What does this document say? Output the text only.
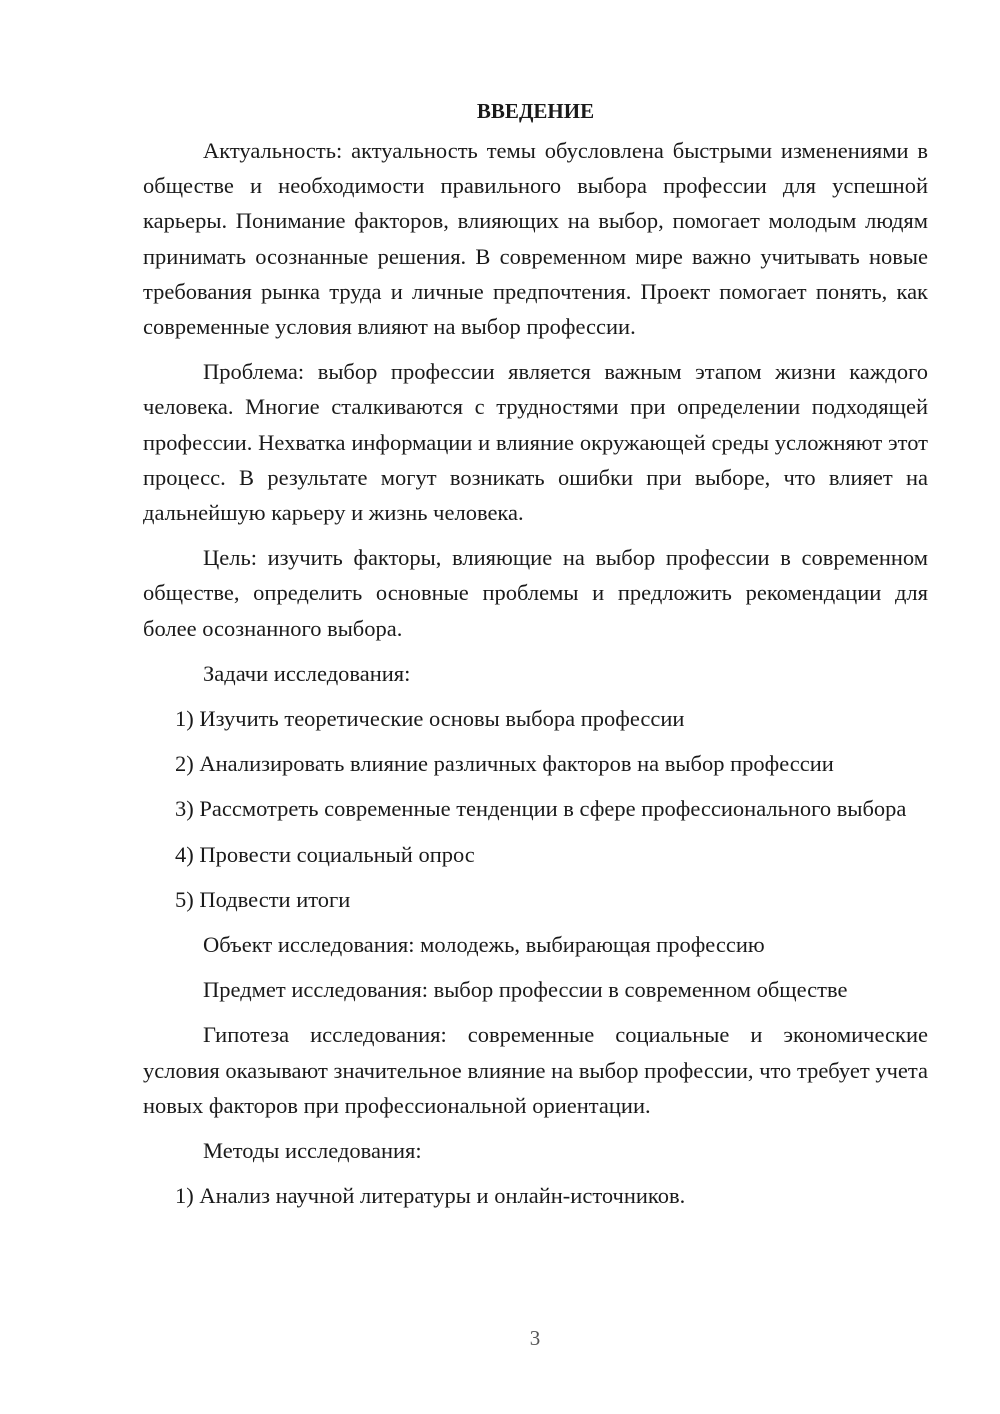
ВВЕДЕНИЕ

Актуальность: актуальность темы обусловлена быстрыми изменениями в обществе и необходимости правильного выбора профессии для успешной карьеры. Понимание факторов, влияющих на выбор, помогает молодым людям принимать осознанные решения. В современном мире важно учитывать новые требования рынка труда и личные предпочтения. Проект помогает понять, как современные условия влияют на выбор профессии.

Проблема: выбор профессии является важным этапом жизни каждого человека. Многие сталкиваются с трудностями при определении подходящей профессии. Нехватка информации и влияние окружающей среды усложняют этот процесс. В результате могут возникать ошибки при выборе, что влияет на дальнейшую карьеру и жизнь человека.

Цель: изучить факторы, влияющие на выбор профессии в современном обществе, определить основные проблемы и предложить рекомендации для более осознанного выбора.

Задачи исследования:

1) Изучить теоретические основы выбора профессии

2) Анализировать влияние различных факторов на выбор профессии

3) Рассмотреть современные тенденции в сфере профессионального выбора

4) Провести социальный опрос

5) Подвести итоги

Объект исследования: молодежь, выбирающая профессию

Предмет исследования: выбор профессии в современном обществе

Гипотеза исследования: современные социальные и экономические условия оказывают значительное влияние на выбор профессии, что требует учета новых факторов при профессиональной ориентации.

Методы исследования:

1) Анализ научной литературы и онлайн-источников.

3
